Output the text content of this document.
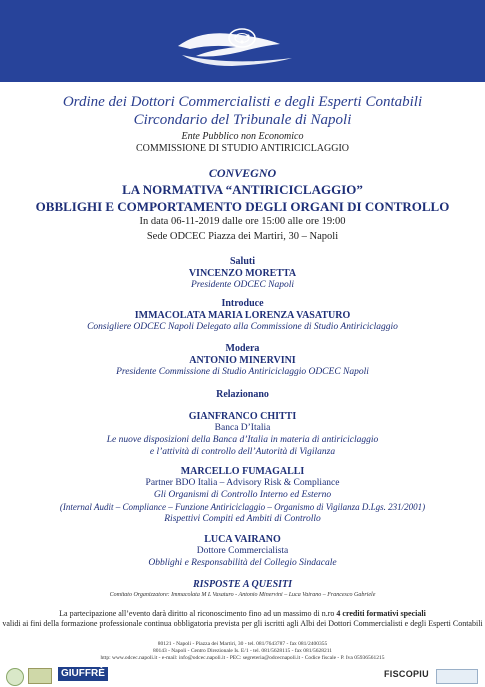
Ordine dei Dottori Commercialisti e degli Esperti Contabili
Circondario del Tribunale di Napoli
Ente Pubblico non Economico
COMMISSIONE DI STUDIO ANTIRICICLAGGIO
CONVEGNO
LA NORMATIVA “ANTIRICICLAGGIO”
OBBLIGHI E COMPORTAMENTO DEGLI ORGANI DI CONTROLLO
In data 06-11-2019 dalle ore 15:00 alle ore 19:00
Sede ODCEC Piazza dei Martiri, 30 – Napoli
Saluti
VINCENZO MORETTA
Presidente ODCEC Napoli
Introduce
IMMACOLATA MARIA LORENZA VASATURO
Consigliere ODCEC Napoli Delegato alla Commissione di Studio Antiriciclaggio
Modera
ANTONIO MINERVINI
Presidente Commissione di Studio Antiriciclaggio ODCEC Napoli
Relazionano
GIANFRANCO CHITTI
Banca D’Italia
Le nuove disposizioni della Banca d’Italia in materia di antiriciclaggio
e l’attività di controllo dell’Autorità di Vigilanza
MARCELLO FUMAGALLI
Partner BDO Italia – Advisory Risk & Compliance
Gli Organismi di Controllo Interno ed Esterno
(Internal Audit – Compliance – Funzione Antiriciclaggio – Organismo di Vigilanza D.Lgs. 231/2001)
Rispettivi Compiti ed Ambiti di Controllo
LUCA VAIRANO
Dottore Commercialista
Obblighi e Responsabilità del Collegio Sindacale
RISPOSTE A QUESITI
Comitato Organizzatore: Immacolata M L Vasaturo - Antonio Minervini – Luca Vairano – Francesco Gabriele
La partecipazione all’evento darà diritto al riconoscimento fino ad un massimo di n.ro 4 crediti formativi speciali
validi ai fini della formazione professionale continua obbligatoria prevista per gli iscritti agli Albi dei Dottori Commercialisti e degli Esperti Contabili
80121 - Napoli - Piazza dei Martiri, 30 - tel. 081/7643787 - fax 081/2400355
80143 - Napoli - Centro Direzionale Is. E/1 - tel. 081/5628115 - fax 081/5628211
http: www.odcec.napoli.it - e-mail: info@odcec.napoli.it - PEC: segreteria@odcecnapoli.it - Codice fiscale - P. Iva 05936561215
GIUFFRÈ	FISCOPIU
